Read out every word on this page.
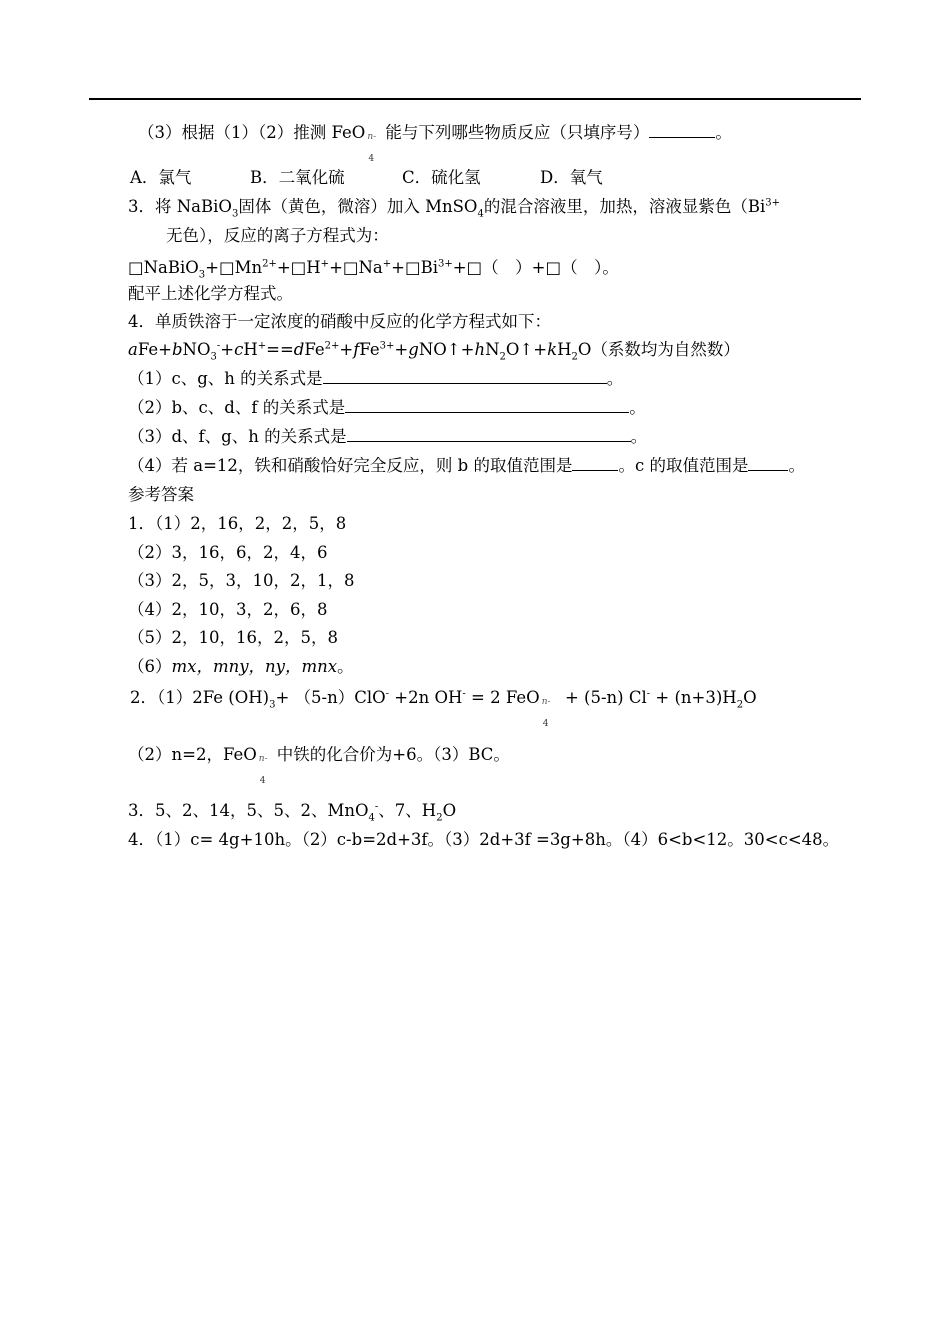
（3）根据（1）（2）推测 FeO n-
4
能与下列哪些物质反应（只填序号）	。
A．氯气	B．二氧化硫	C．硫化氢	D．氧气
3．将 NaBiO$_3$固体（黄色，微溶）加入 MnSO$_4$的混合溶液里，加热，溶液显紫色（$Bi^{3+}$
无色），反应的离子方程式为：
$□NaBiO_3+□Mn^{2+}+□H^++□Na^++□Bi^{3+}+□$（　）+□（　）。
配平上述化学方程式。
4．单质铁溶于一定浓度的硝酸中反应的化学方程式如下：
$aFe+bNO_3^-+cH^+==dFe^{2+}+fFe^{3+}+gNO↑+hN_2O↑+kH_2O$（系数均为自然数）
（1）c、g、h 的关系式是	。
（2）b、c、d、f 的关系式是	。
（3）d、f、g、h 的关系式是	。
（4）若 a=12，铁和硝酸恰好完全反应，则 b 的取值范围是	。c 的取值范围是 。
参考答案
1．（1）2，16，2，2，5，8
（2）3，16，6，2，4，6
（3）2，5，3，10，2，1，8
（4）2，10，3，2，6，8
（5）2，10，16，2，5，8
（6）mx，mny，ny，mnx。
2．（1）2Fe $(OH)_3+ (5-n)ClO^- +2n$ OH- = 2 FeO n-
4
+ (5-n) $Cl^- + (n+3)H_2O$
（2）n=2，FeO n-
4
中铁的化合价为+6。（3）BC。
3．5、2、14，5、5、2、MnO$_4$-、7、$H_2O$
4．（1）c= 4g+10h。（2）c-b=2d+3f。（3）2d+3f =3g+8h。（4）6<b<12。30<c<48。
